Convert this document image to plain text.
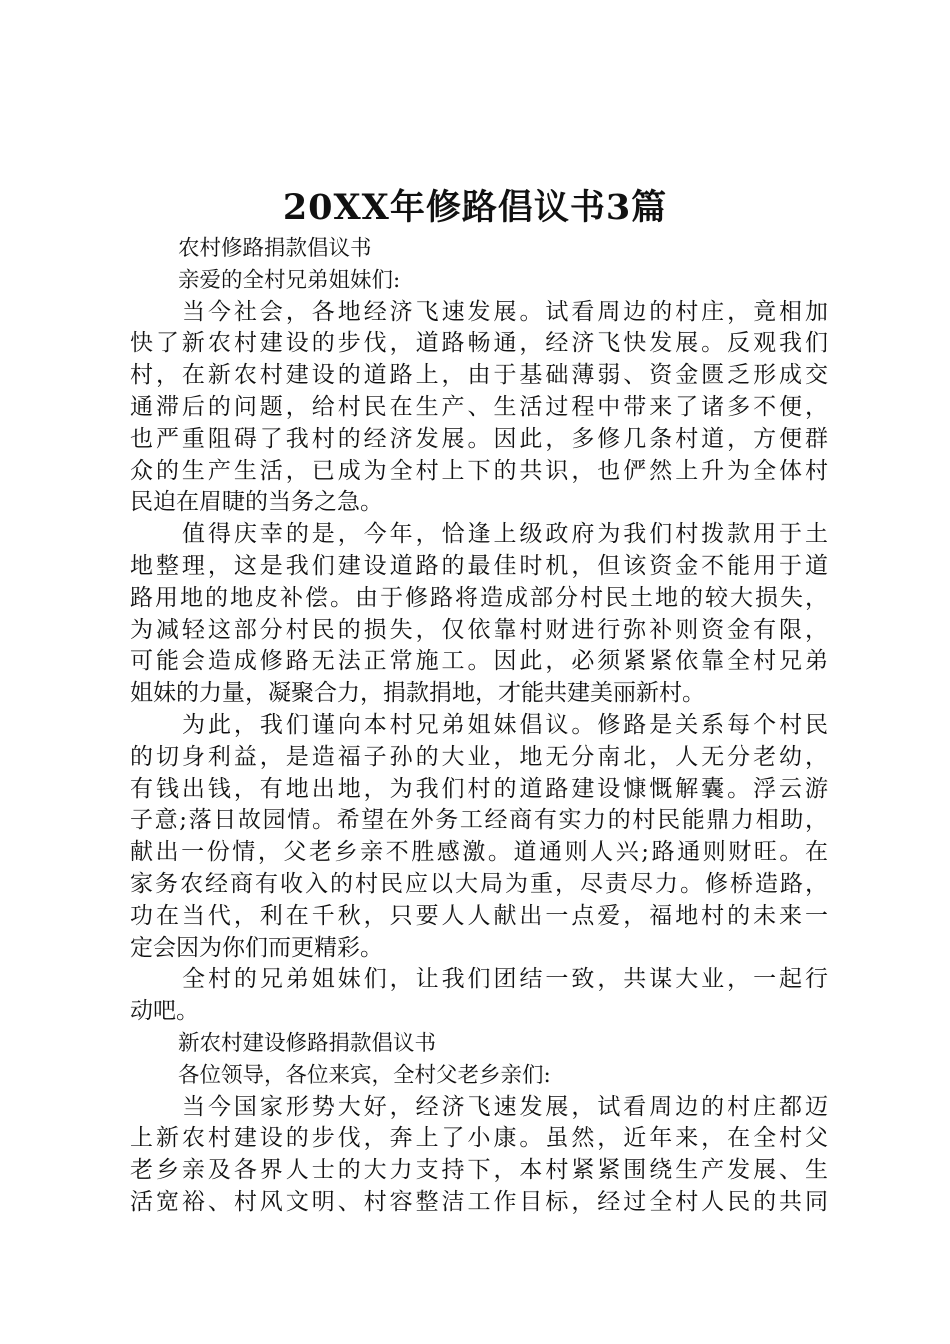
20XX年修路倡议书3篇
农村修路捐款倡议书
亲爱的全村兄弟姐妹们:
当今社会，各地经济飞速发展。试看周边的村庄，竟相加
快了新农村建设的步伐，道路畅通，经济飞快发展。反观我们
村，在新农村建设的道路上，由于基础薄弱、资金匮乏形成交
通滞后的问题，给村民在生产、生活过程中带来了诸多不便，
也严重阻碍了我村的经济发展。因此，多修几条村道，方便群
众的生产生活，已成为全村上下的共识，也俨然上升为全体村
民迫在眉睫的当务之急。
值得庆幸的是，今年，恰逢上级政府为我们村拨款用于土
地整理，这是我们建设道路的最佳时机，但该资金不能用于道
路用地的地皮补偿。由于修路将造成部分村民土地的较大损失，
为减轻这部分村民的损失，仅依靠村财进行弥补则资金有限，
可能会造成修路无法正常施工。因此，必须紧紧依靠全村兄弟
姐妹的力量，凝聚合力，捐款捐地，才能共建美丽新村。
为此，我们谨向本村兄弟姐妹倡议。修路是关系每个村民
的切身利益，是造福子孙的大业，地无分南北，人无分老幼，
有钱出钱，有地出地，为我们村的道路建设慷慨解囊。浮云游
子意;落日故园情。希望在外务工经商有实力的村民能鼎力相助，
献出一份情，父老乡亲不胜感激。道通则人兴;路通则财旺。在
家务农经商有收入的村民应以大局为重，尽责尽力。修桥造路，
功在当代，利在千秋，只要人人献出一点爱，福地村的未来一
定会因为你们而更精彩。
全村的兄弟姐妹们，让我们团结一致，共谋大业，一起行
动吧。
新农村建设修路捐款倡议书
各位领导，各位来宾，全村父老乡亲们:
当今国家形势大好，经济飞速发展，试看周边的村庄都迈
上新农村建设的步伐，奔上了小康。虽然，近年来，在全村父
老乡亲及各界人士的大力支持下，本村紧紧围绕生产发展、生
活宽裕、村风文明、村容整洁工作目标，经过全村人民的共同
